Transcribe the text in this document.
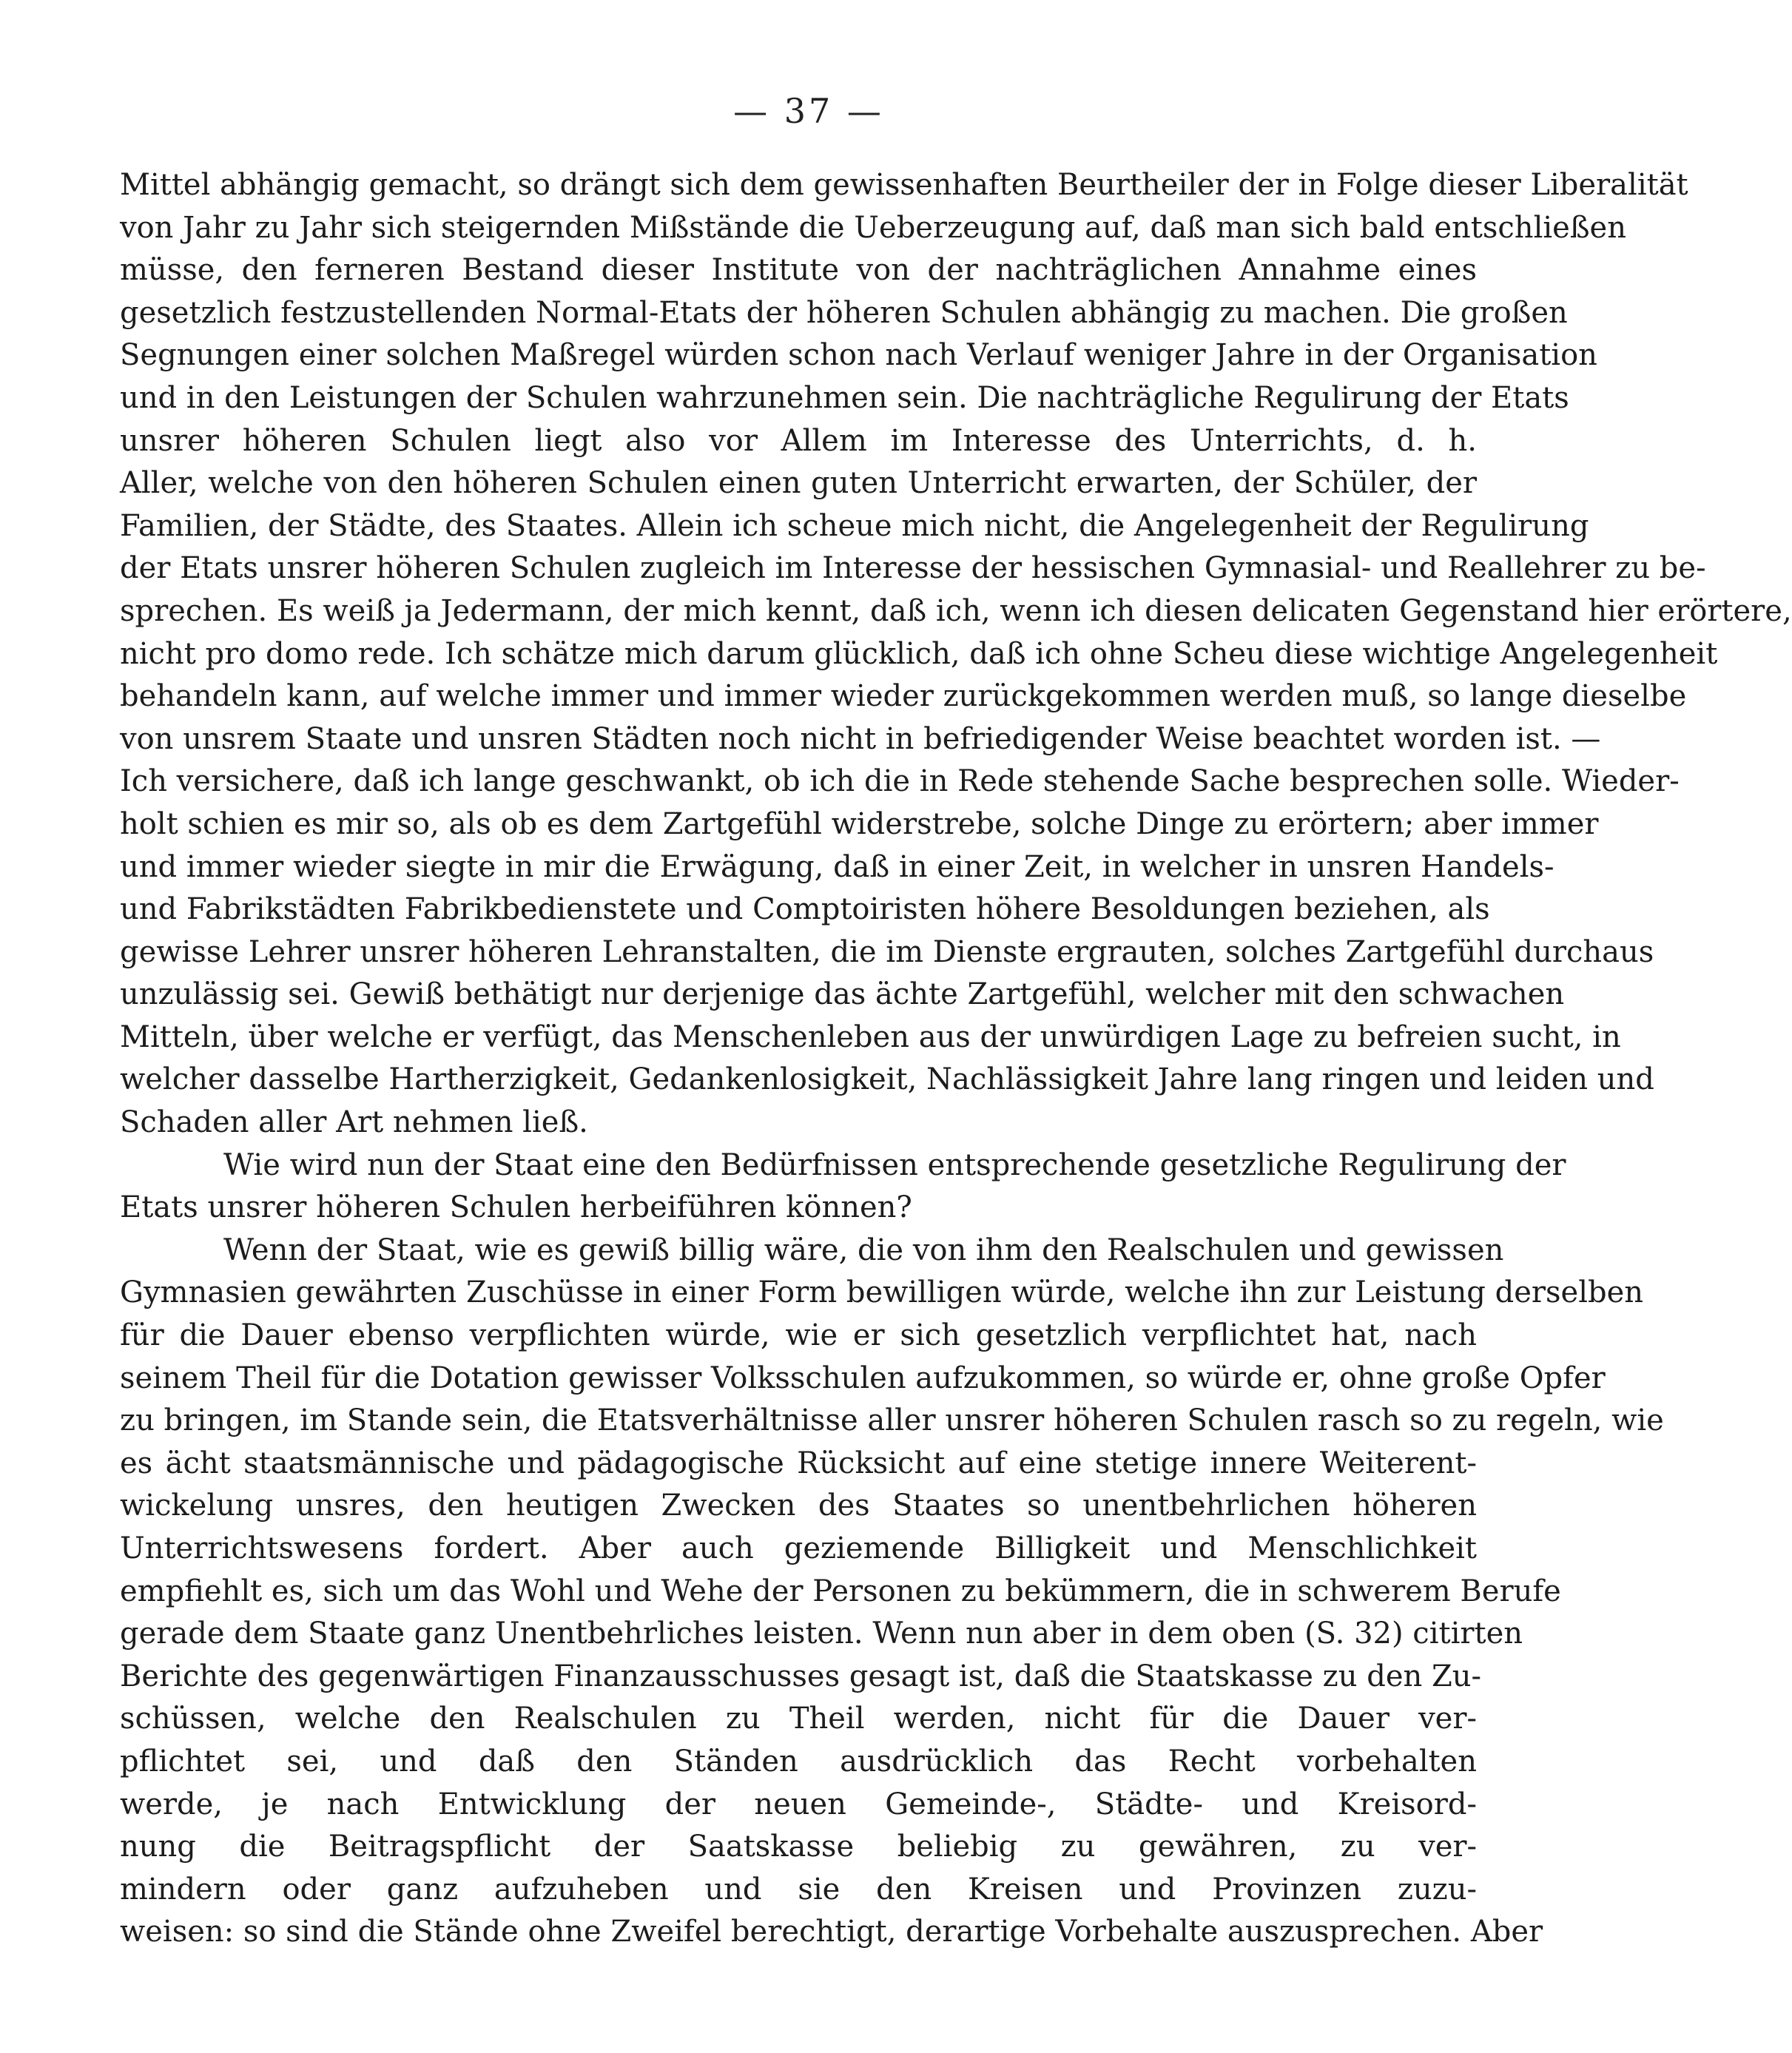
— 37 —
Mittel abhängig gemacht, so drängt sich dem gewissenhaften Beurtheiler der in Folge dieser Liberalität
von Jahr zu Jahr sich steigernden Mißstände die Ueberzeugung auf, daß man sich bald entschließen
müsse, den ferneren Bestand dieser Institute von der nachträglichen Annahme eines
gesetzlich festzustellenden Normal-Etats der höheren Schulen abhängig zu machen. Die großen
Segnungen einer solchen Maßregel würden schon nach Verlauf weniger Jahre in der Organisation
und in den Leistungen der Schulen wahrzunehmen sein. Die nachträgliche Regulirung der Etats
unsrer höheren Schulen liegt also vor Allem im Interesse des Unterrichts, d. h.
Aller, welche von den höheren Schulen einen guten Unterricht erwarten, der Schüler, der
Familien, der Städte, des Staates. Allein ich scheue mich nicht, die Angelegenheit der Regulirung
der Etats unsrer höheren Schulen zugleich im Interesse der hessischen Gymnasial- und Reallehrer zu be-
sprechen. Es weiß ja Jedermann, der mich kennt, daß ich, wenn ich diesen delicaten Gegenstand hier erörtere,
nicht pro domo rede. Ich schätze mich darum glücklich, daß ich ohne Scheu diese wichtige Angelegenheit
behandeln kann, auf welche immer und immer wieder zurückgekommen werden muß, so lange dieselbe
von unsrem Staate und unsren Städten noch nicht in befriedigender Weise beachtet worden ist. —
Ich versichere, daß ich lange geschwankt, ob ich die in Rede stehende Sache besprechen solle. Wieder-
holt schien es mir so, als ob es dem Zartgefühl widerstrebe, solche Dinge zu erörtern; aber immer
und immer wieder siegte in mir die Erwägung, daß in einer Zeit, in welcher in unsren Handels-
und Fabrikstädten Fabrikbedienstete und Comptoiristen höhere Besoldungen beziehen, als
gewisse Lehrer unsrer höheren Lehranstalten, die im Dienste ergrauten, solches Zartgefühl durchaus
unzulässig sei. Gewiß bethätigt nur derjenige das ächte Zartgefühl, welcher mit den schwachen
Mitteln, über welche er verfügt, das Menschenleben aus der unwürdigen Lage zu befreien sucht, in
welcher dasselbe Hartherzigkeit, Gedankenlosigkeit, Nachlässigkeit Jahre lang ringen und leiden und
Schaden aller Art nehmen ließ.
Wie wird nun der Staat eine den Bedürfnissen entsprechende gesetzliche Regulirung der
Etats unsrer höheren Schulen herbeiführen können?
Wenn der Staat, wie es gewiß billig wäre, die von ihm den Realschulen und gewissen
Gymnasien gewährten Zuschüsse in einer Form bewilligen würde, welche ihn zur Leistung derselben
für die Dauer ebenso verpflichten würde, wie er sich gesetzlich verpflichtet hat, nach
seinem Theil für die Dotation gewisser Volksschulen aufzukommen, so würde er, ohne große Opfer
zu bringen, im Stande sein, die Etatsverhältnisse aller unsrer höheren Schulen rasch so zu regeln, wie
es ächt staatsmännische und pädagogische Rücksicht auf eine stetige innere Weiterent-
wickelung unsres, den heutigen Zwecken des Staates so unentbehrlichen höheren
Unterrichtswesens fordert. Aber auch geziemende Billigkeit und Menschlichkeit
empfiehlt es, sich um das Wohl und Wehe der Personen zu bekümmern, die in schwerem Berufe
gerade dem Staate ganz Unentbehrliches leisten. Wenn nun aber in dem oben (S. 32) citirten
Berichte des gegenwärtigen Finanzausschusses gesagt ist, daß die Staatskasse zu den Zu-
schüssen, welche den Realschulen zu Theil werden, nicht für die Dauer ver-
pflichtet sei, und daß den Ständen ausdrücklich das Recht vorbehalten
werde, je nach Entwicklung der neuen Gemeinde-, Städte- und Kreisord-
nung die Beitragspflicht der Saatskasse beliebig zu gewähren, zu ver-
mindern oder ganz aufzuheben und sie den Kreisen und Provinzen zuzu-
weisen: so sind die Stände ohne Zweifel berechtigt, derartige Vorbehalte auszusprechen. Aber
